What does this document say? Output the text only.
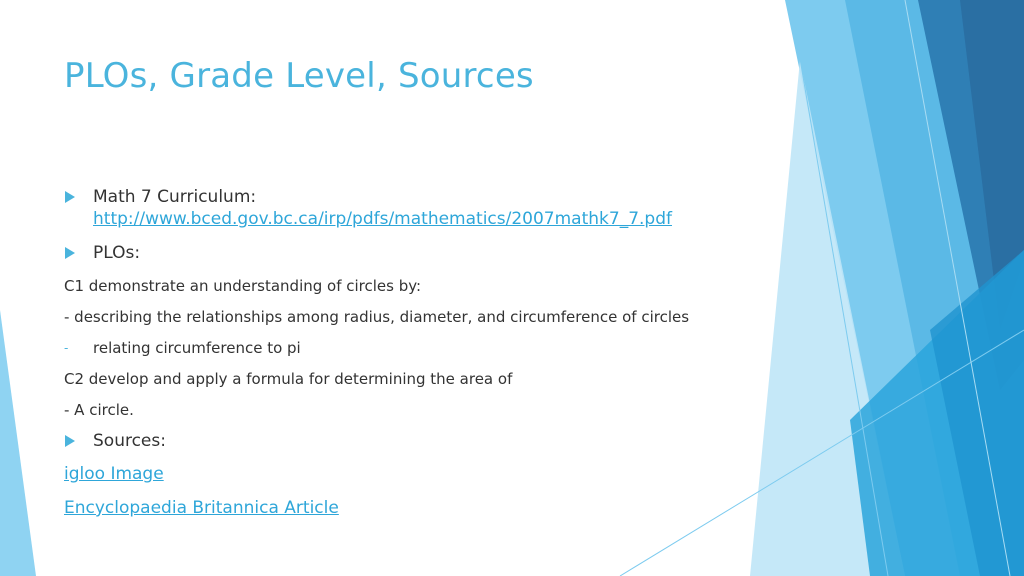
PLOs, Grade Level, Sources
Math 7 Curriculum:
http://www.bced.gov.bc.ca/irp/pdfs/mathematics/2007mathk7_7.pdf
PLOs:
C1 demonstrate an understanding of circles by:
- describing the relationships among radius, diameter, and circumference of circles
- relating circumference to pi
C2 develop and apply a formula for determining the area of
- A circle.
Sources:
igloo Image
Encyclopaedia Britannica Article
